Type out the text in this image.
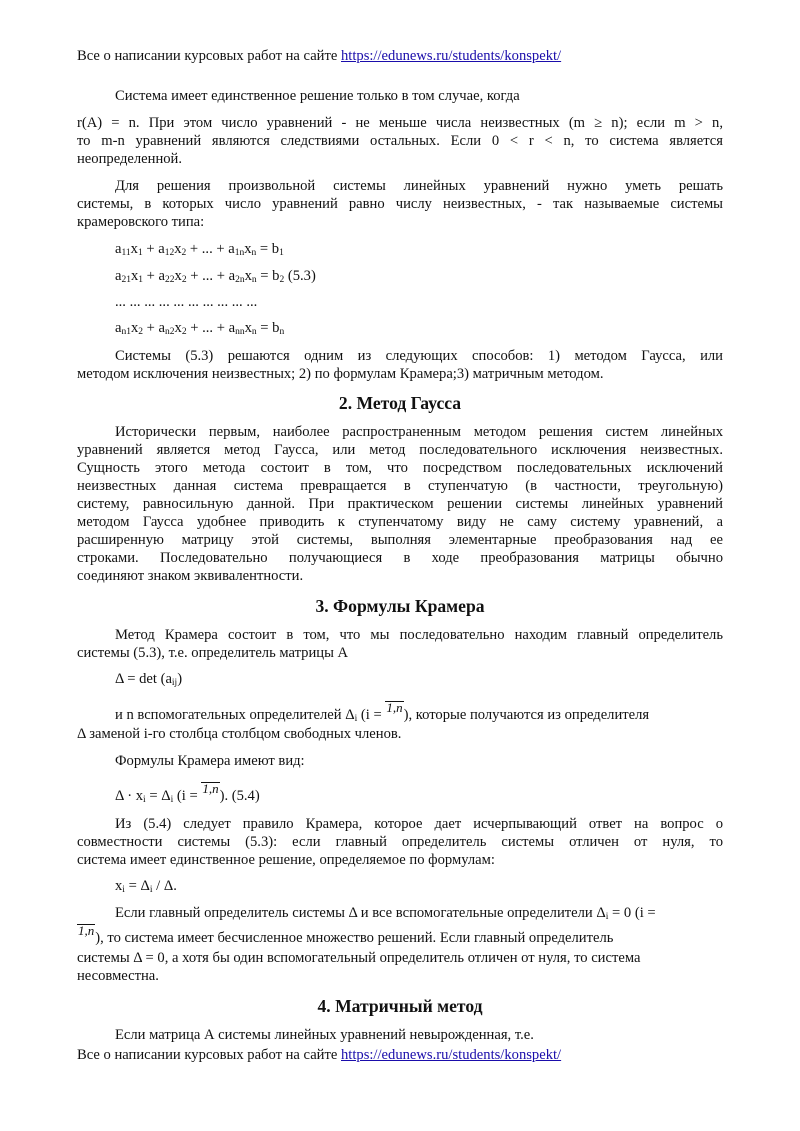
Все о написании курсовых работ на сайте https://edunews.ru/students/konspekt/
Система имеет единственное решение только в том случае, когда
r(A) = n. При этом число уравнений - не меньше числа неизвестных (m ≥ n); если m > n,
то m-n уравнений являются следствиями остальных. Если 0 < r < n, то система является
неопределенной.
Для решения произвольной системы линейных уравнений нужно уметь решать
системы, в которых число уравнений равно числу неизвестных, - так называемые системы
крамеровского типа:
$a_{11}x_1 + a_{12}x_2$ + ... + $a_{1n}x_n = b_1$
$a_{21}x_1 + a_{22}x_2$ + ... + $a_{2n}x_n = b_2$ (5.3)
... ... ... ... ... ... ... ... ... ...
$a_{n1}x_2 + a_{n2}x_2$ + ... + $a_{nn}x_n = b_n$
Системы (5.3) решаются одним из следующих способов: 1) методом Гаусса, или
методом исключения неизвестных; 2) по формулам Крамера;3) матричным методом.
2. Метод Гаусса
Исторически первым, наиболее распространенным методом решения систем линейных
уравнений является метод Гаусса, или метод последовательного исключения неизвестных.
Сущность этого метода состоит в том, что посредством последовательных исключений
неизвестных данная система превращается в ступенчатую (в частности, треугольную)
систему, равносильную данной. При практическом решении системы линейных уравнений
методом Гаусса удобнее приводить к ступенчатому виду не саму систему уравнений, а
расширенную матрицу этой системы, выполняя элементарные преобразования над ее
строками. Последовательно получающиеся в ходе преобразования матрицы обычно
соединяют знаком эквивалентности.
3. Формулы Крамера
Метод Крамера состоит в том, что мы последовательно находим главный определитель
системы (5.3), т.е. определитель матрицы А
$\Delta = \det (a_{ij})$
и n вспомогательных определителей $\Delta_i$ (i = 1,n), которые получаются из определителя
Δ заменой i-го столбца столбцом свободных членов.
Формулы Крамера имеют вид:
$\Delta \cdot x_i = \Delta_i$ (i = 1,n). (5.4)
Из (5.4) следует правило Крамера, которое дает исчерпывающий ответ на вопрос о
совместности системы (5.3): если главный определитель системы отличен от нуля, то
система имеет единственное решение, определяемое по формулам:
$x_i = \Delta_i / \Delta$.
Если главный определитель системы Δ и все вспомогательные определители $\Delta_i = 0$ (i =
1,n), то система имеет бесчисленное множество решений. Если главный определитель
системы Δ = 0, а хотя бы один вспомогательный определитель отличен от нуля, то система
несовместна.
4. Матричный метод
Если матрица А системы линейных уравнений невырожденная, т.е.
Все о написании курсовых работ на сайте https://edunews.ru/students/konspekt/
